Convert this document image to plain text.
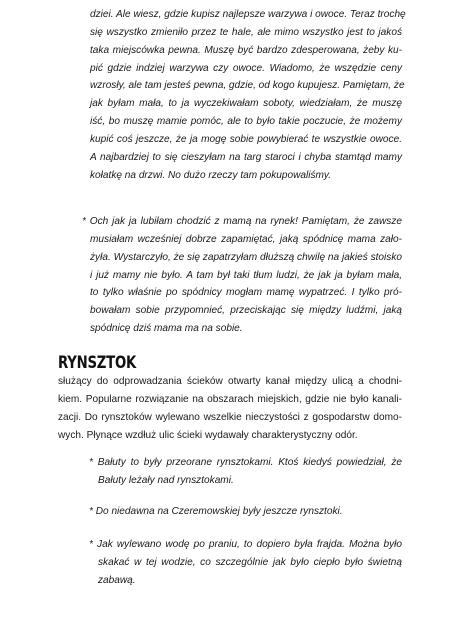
dziei. Ale wiesz, gdzie kupisz najlepsze warzywa i owoce. Teraz trochę
się wszystko zmieniło przez te hale, ale mimo wszystko jest to jakoś
taka miejscówka pewna. Muszę być bardzo zdesperowana, żeby ku-
pić gdzie indziej warzywa czy owoce. Wiadomo, że wszędzie ceny
wzrosły, ale tam jesteś pewna, gdzie, od kogo kupujesz. Pamiętam, że
jak byłam mała, to ja wyczekiwałam soboty, wiedziałam, że muszę
iść, bo muszę mamie pomóc, ale to było takie poczucie, że możemy
kupić coś jeszcze, że ja mogę sobie powybierać te wszystkie owoce.
A najbardziej to się cieszyłam na targ staroci i chyba stamtąd mamy
kołatkę na drzwi. No dużo rzeczy tam pokupowaliśmy.

* Och jak ja lubiłam chodzić z mamą na rynek! Pamiętam, że zawsze
musiałam wcześniej dobrze zapamiętać, jaką spódnicę mama zało-
żyła. Wystarczyło, że się zapatrzyłam dłuższą chwilę na jakieś stoisko
i już mamy nie było. A tam był taki tłum ludzi, że jak ja byłam mała,
to tylko właśnie po spódnicy mogłam mamę wypatrzeć. I tylko pró-
bowałam sobie przypomnieć, przeciskając się między ludźmi, jaką
spódnicę dziś mama ma na sobie.

RYNSZTOK

służący do odprowadzania ścieków otwarty kanał między ulicą a chodni-
kiem. Popularne rozwiązanie na obszarach miejskich, gdzie nie było kanali-
zacji. Do rynsztoków wylewano wszelkie nieczystości z gospodarstw domo-
wych. Płynące wzdłuż ulic ścieki wydawały charakterystyczny odór.

* Bałuty to były przeorane rynsztokami. Ktoś kiedyś powiedział, że
Bałuty leżały nad rynsztokami.

* Do niedawna na Czeremowskiej były jeszcze rynsztoki.

* Jak wylewano wodę po praniu, to dopiero była frajda. Można było
skakać w tej wodzie, co szczególnie jak było ciepło było świetną
zabawą.
